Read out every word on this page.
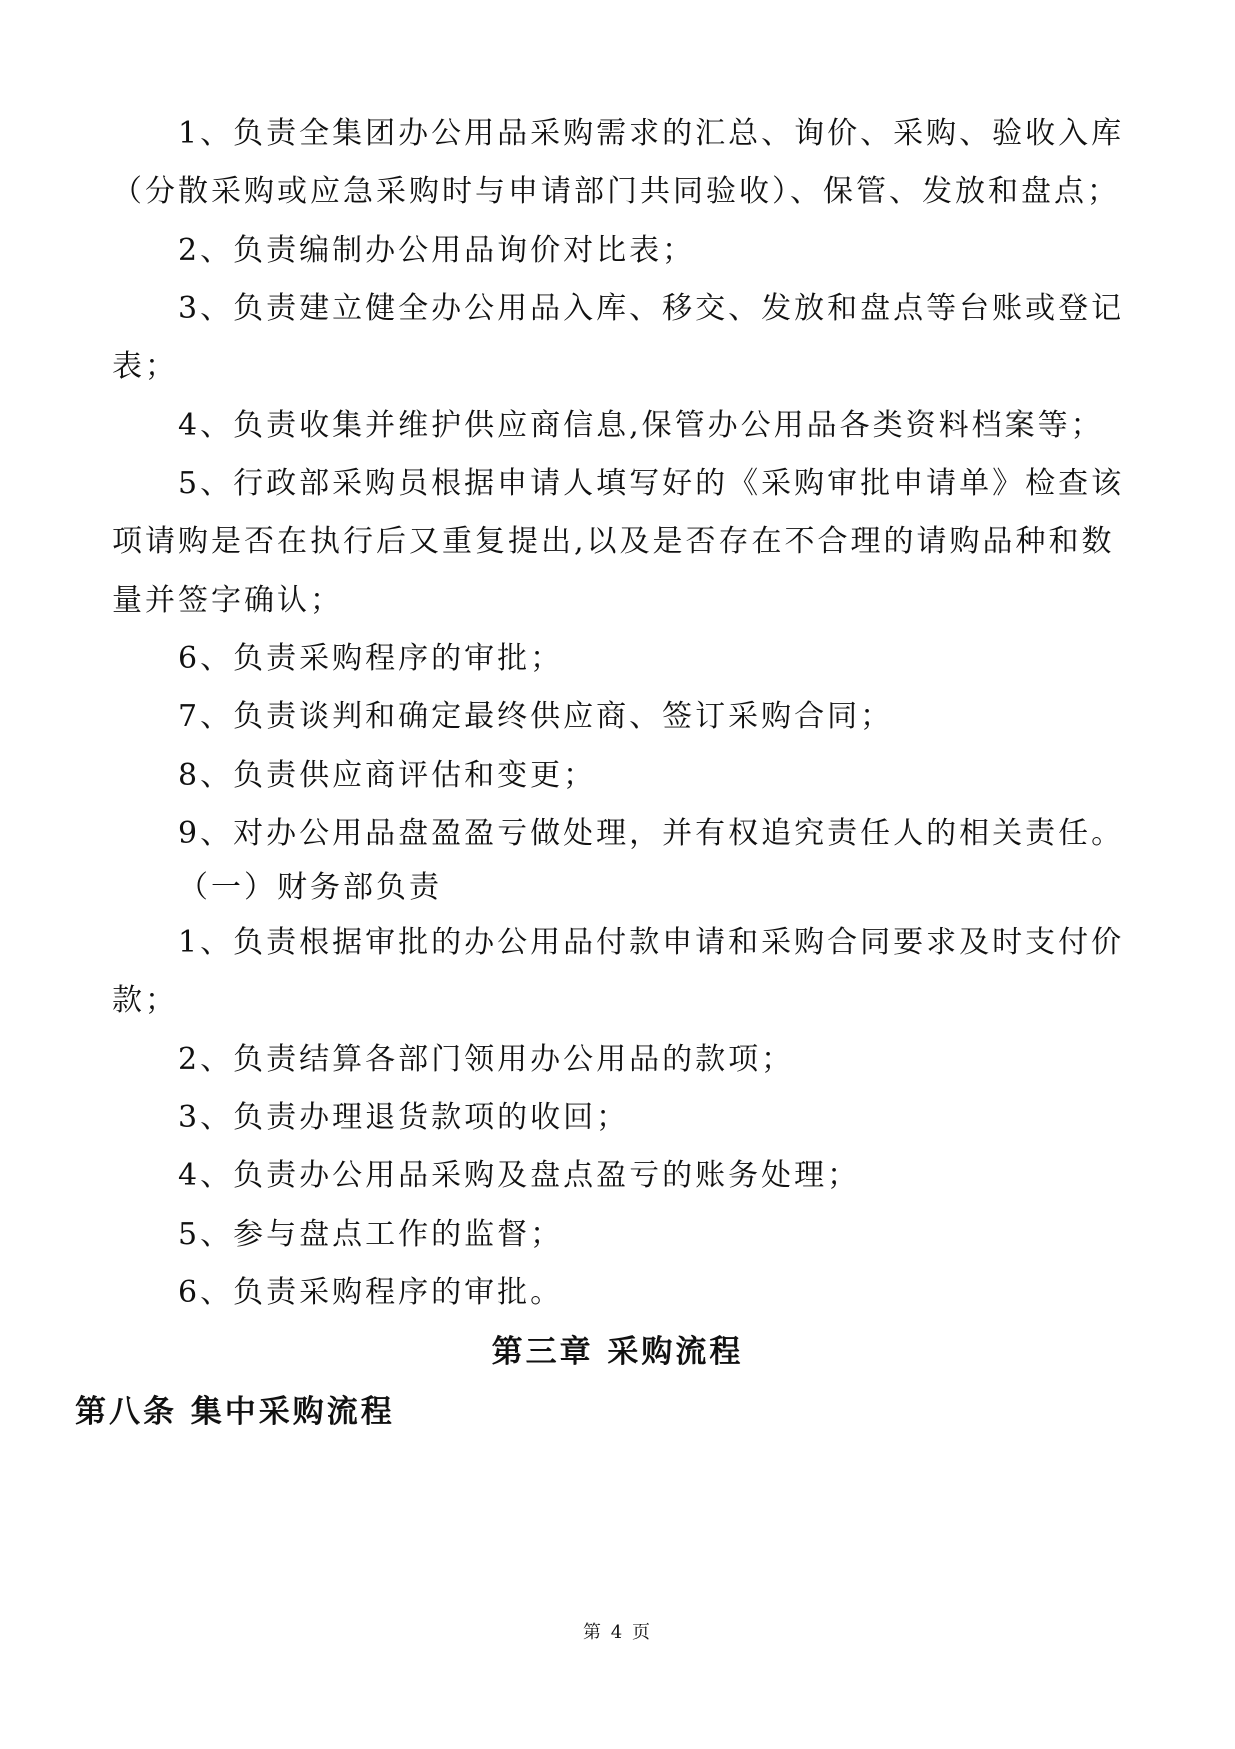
1、负责全集团办公用品采购需求的汇总、询价、采购、验收入库
（分散采购或应急采购时与申请部门共同验收）、保管、发放和盘点；
2、负责编制办公用品询价对比表；
3、负责建立健全办公用品入库、移交、发放和盘点等台账或登记
表；
4、负责收集并维护供应商信息,保管办公用品各类资料档案等；
5、行政部采购员根据申请人填写好的《采购审批申请单》检查该
项请购是否在执行后又重复提出,以及是否存在不合理的请购品种和数
量并签字确认；
6、负责采购程序的审批；
7、负责谈判和确定最终供应商、签订采购合同；
8、负责供应商评估和变更；
9、对办公用品盘盈盈亏做处理，并有权追究责任人的相关责任。
（一）财务部负责
1、负责根据审批的办公用品付款申请和采购合同要求及时支付价
款；
2、负责结算各部门领用办公用品的款项；
3、负责办理退货款项的收回；
4、负责办公用品采购及盘点盈亏的账务处理；
5、参与盘点工作的监督；
6、负责采购程序的审批。
第三章 采购流程
第八条 集中采购流程
第 4 页
